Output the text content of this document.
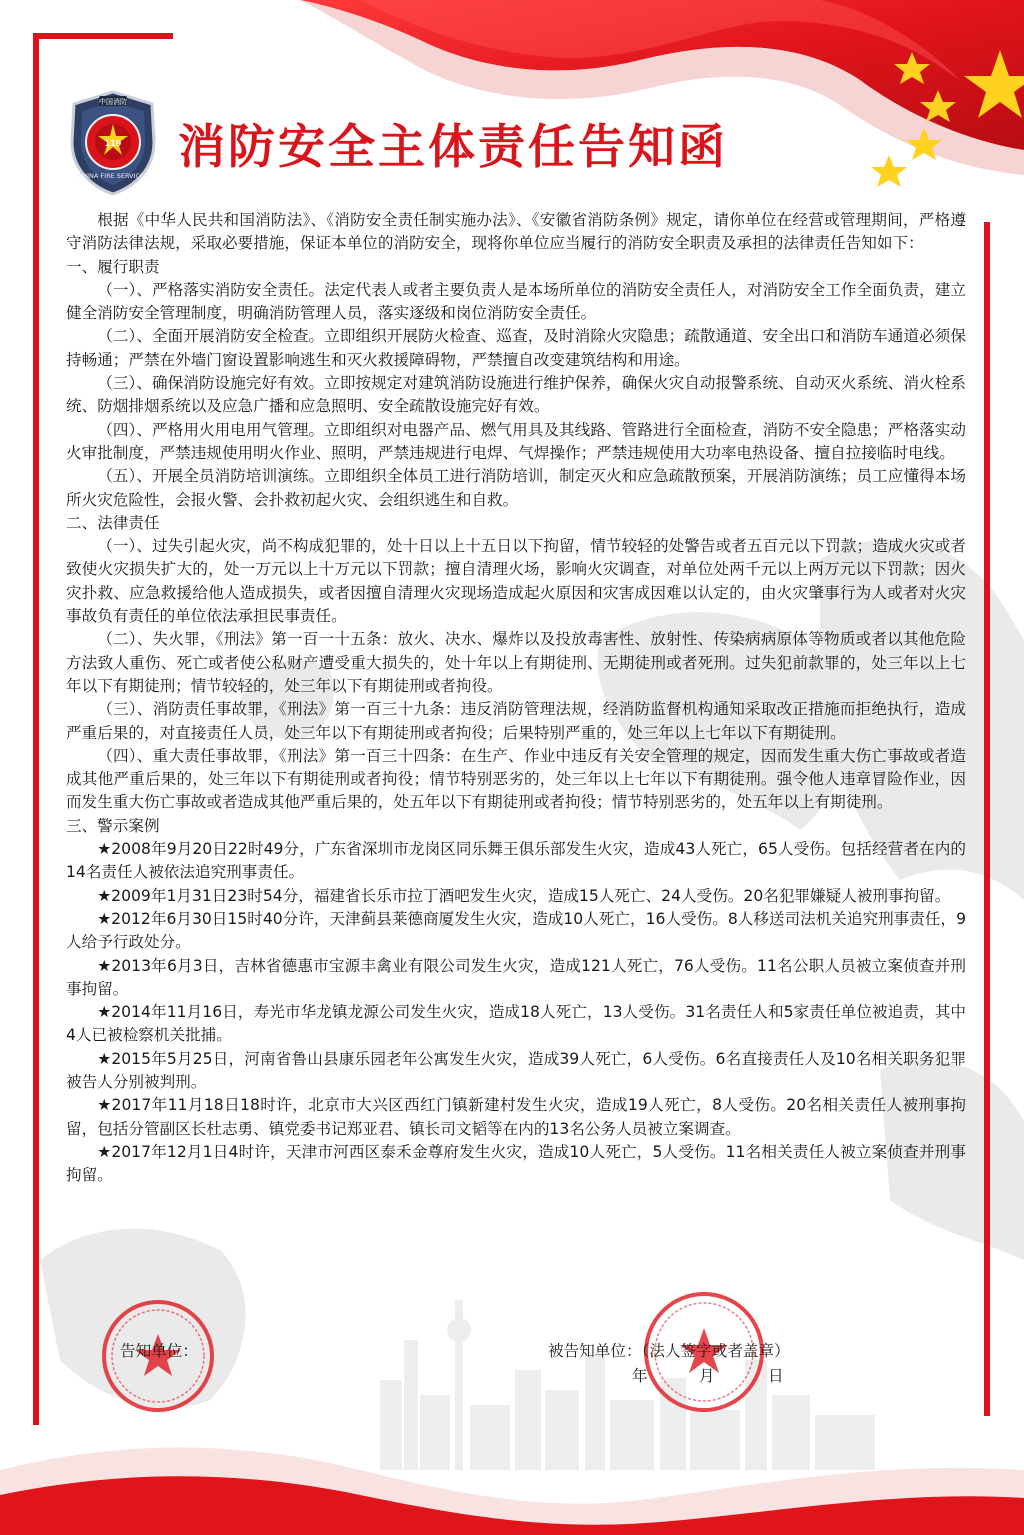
中国消防
CHINA FIRE SERVICES
119 消防安全主体责任告知函

根据《中华人民共和国消防法》、《消防安全责任制实施办法》、《安徽省消防条例》规定，请你单位在经营或管理期间，严格遵守消防法律法规，采取必要措施，保证本单位的消防安全，现将你单位应当履行的消防安全职责及承担的法律责任告知如下：

一、履行职责

（一）、严格落实消防安全责任。法定代表人或者主要负责人是本场所单位的消防安全责任人，对消防安全工作全面负责，建立健全消防安全管理制度，明确消防管理人员，落实逐级和岗位消防安全责任。

（二）、全面开展消防安全检查。立即组织开展防火检查、巡查，及时消除火灾隐患；疏散通道、安全出口和消防车通道必须保持畅通；严禁在外墙门窗设置影响逃生和灭火救援障碍物，严禁擅自改变建筑结构和用途。

（三）、确保消防设施完好有效。立即按规定对建筑消防设施进行维护保养，确保火灾自动报警系统、自动灭火系统、消火栓系统、防烟排烟系统以及应急广播和应急照明、安全疏散设施完好有效。

（四）、严格用火用电用气管理。立即组织对电器产品、燃气用具及其线路、管路进行全面检查，消防不安全隐患；严格落实动火审批制度，严禁违规使用明火作业、照明，严禁违规进行电焊、气焊操作；严禁违规使用大功率电热设备、擅自拉接临时电线。

（五）、开展全员消防培训演练。立即组织全体员工进行消防培训，制定灭火和应急疏散预案，开展消防演练；员工应懂得本场所火灾危险性，会报火警、会扑救初起火灾、会组织逃生和自救。

二、法律责任

（一）、过失引起火灾，尚不构成犯罪的，处十日以上十五日以下拘留，情节较轻的处警告或者五百元以下罚款；造成火灾或者致使火灾损失扩大的，处一万元以上十万元以下罚款；擅自清理火场，影响火灾调查，对单位处两千元以上两万元以下罚款；因火灾扑救、应急救援给他人造成损失，或者因擅自清理火灾现场造成起火原因和灾害成因难以认定的，由火灾肇事行为人或者对火灾事故负有责任的单位依法承担民事责任。

（二）、失火罪，《刑法》第一百一十五条：放火、决水、爆炸以及投放毒害性、放射性、传染病病原体等物质或者以其他危险方法致人重伤、死亡或者使公私财产遭受重大损失的，处十年以上有期徒刑、无期徒刑或者死刑。过失犯前款罪的，处三年以上七年以下有期徒刑；情节较轻的，处三年以下有期徒刑或者拘役。

（三）、消防责任事故罪，《刑法》第一百三十九条：违反消防管理法规，经消防监督机构通知采取改正措施而拒绝执行，造成严重后果的，对直接责任人员，处三年以下有期徒刑或者拘役；后果特别严重的，处三年以上七年以下有期徒刑。

（四）、重大责任事故罪，《刑法》第一百三十四条：在生产、作业中违反有关安全管理的规定，因而发生重大伤亡事故或者造成其他严重后果的，处三年以下有期徒刑或者拘役；情节特别恶劣的，处三年以上七年以下有期徒刑。强令他人违章冒险作业，因而发生重大伤亡事故或者造成其他严重后果的，处五年以下有期徒刑或者拘役；情节特别恶劣的，处五年以上有期徒刑。

三、警示案例

★2008年9月20日22时49分，广东省深圳市龙岗区同乐舞王俱乐部发生火灾，造成43人死亡，65人受伤。包括经营者在内的14名责任人被依法追究刑事责任。

★2009年1月31日23时54分，福建省长乐市拉丁酒吧发生火灾，造成15人死亡、24人受伤。20名犯罪嫌疑人被刑事拘留。

★2012年6月30日15时40分许，天津蓟县莱德商厦发生火灾，造成10人死亡，16人受伤。8人移送司法机关追究刑事责任，9人给予行政处分。

★2013年6月3日，吉林省德惠市宝源丰禽业有限公司发生火灾，造成121人死亡，76人受伤。11名公职人员被立案侦查并刑事拘留。

★2014年11月16日，寿光市华龙镇龙源公司发生火灾，造成18人死亡，13人受伤。31名责任人和5家责任单位被追责，其中4人已被检察机关批捕。

★2015年5月25日，河南省鲁山县康乐园老年公寓发生火灾，造成39人死亡，6人受伤。6名直接责任人及10名相关职务犯罪被告人分别被判刑。

★2017年11月18日18时许，北京市大兴区西红门镇新建村发生火灾，造成19人死亡，8人受伤。20名相关责任人被刑事拘留，包括分管副区长杜志勇、镇党委书记郑亚君、镇长司文韬等在内的13名公务人员被立案调查。

★2017年12月1日4时许，天津市河西区泰禾金尊府发生火灾，造成10人死亡，5人受伤。11名相关责任人被立案侦查并刑事拘留。

告知单位：	被告知单位：（法人签字或者盖章）
年	月	日
